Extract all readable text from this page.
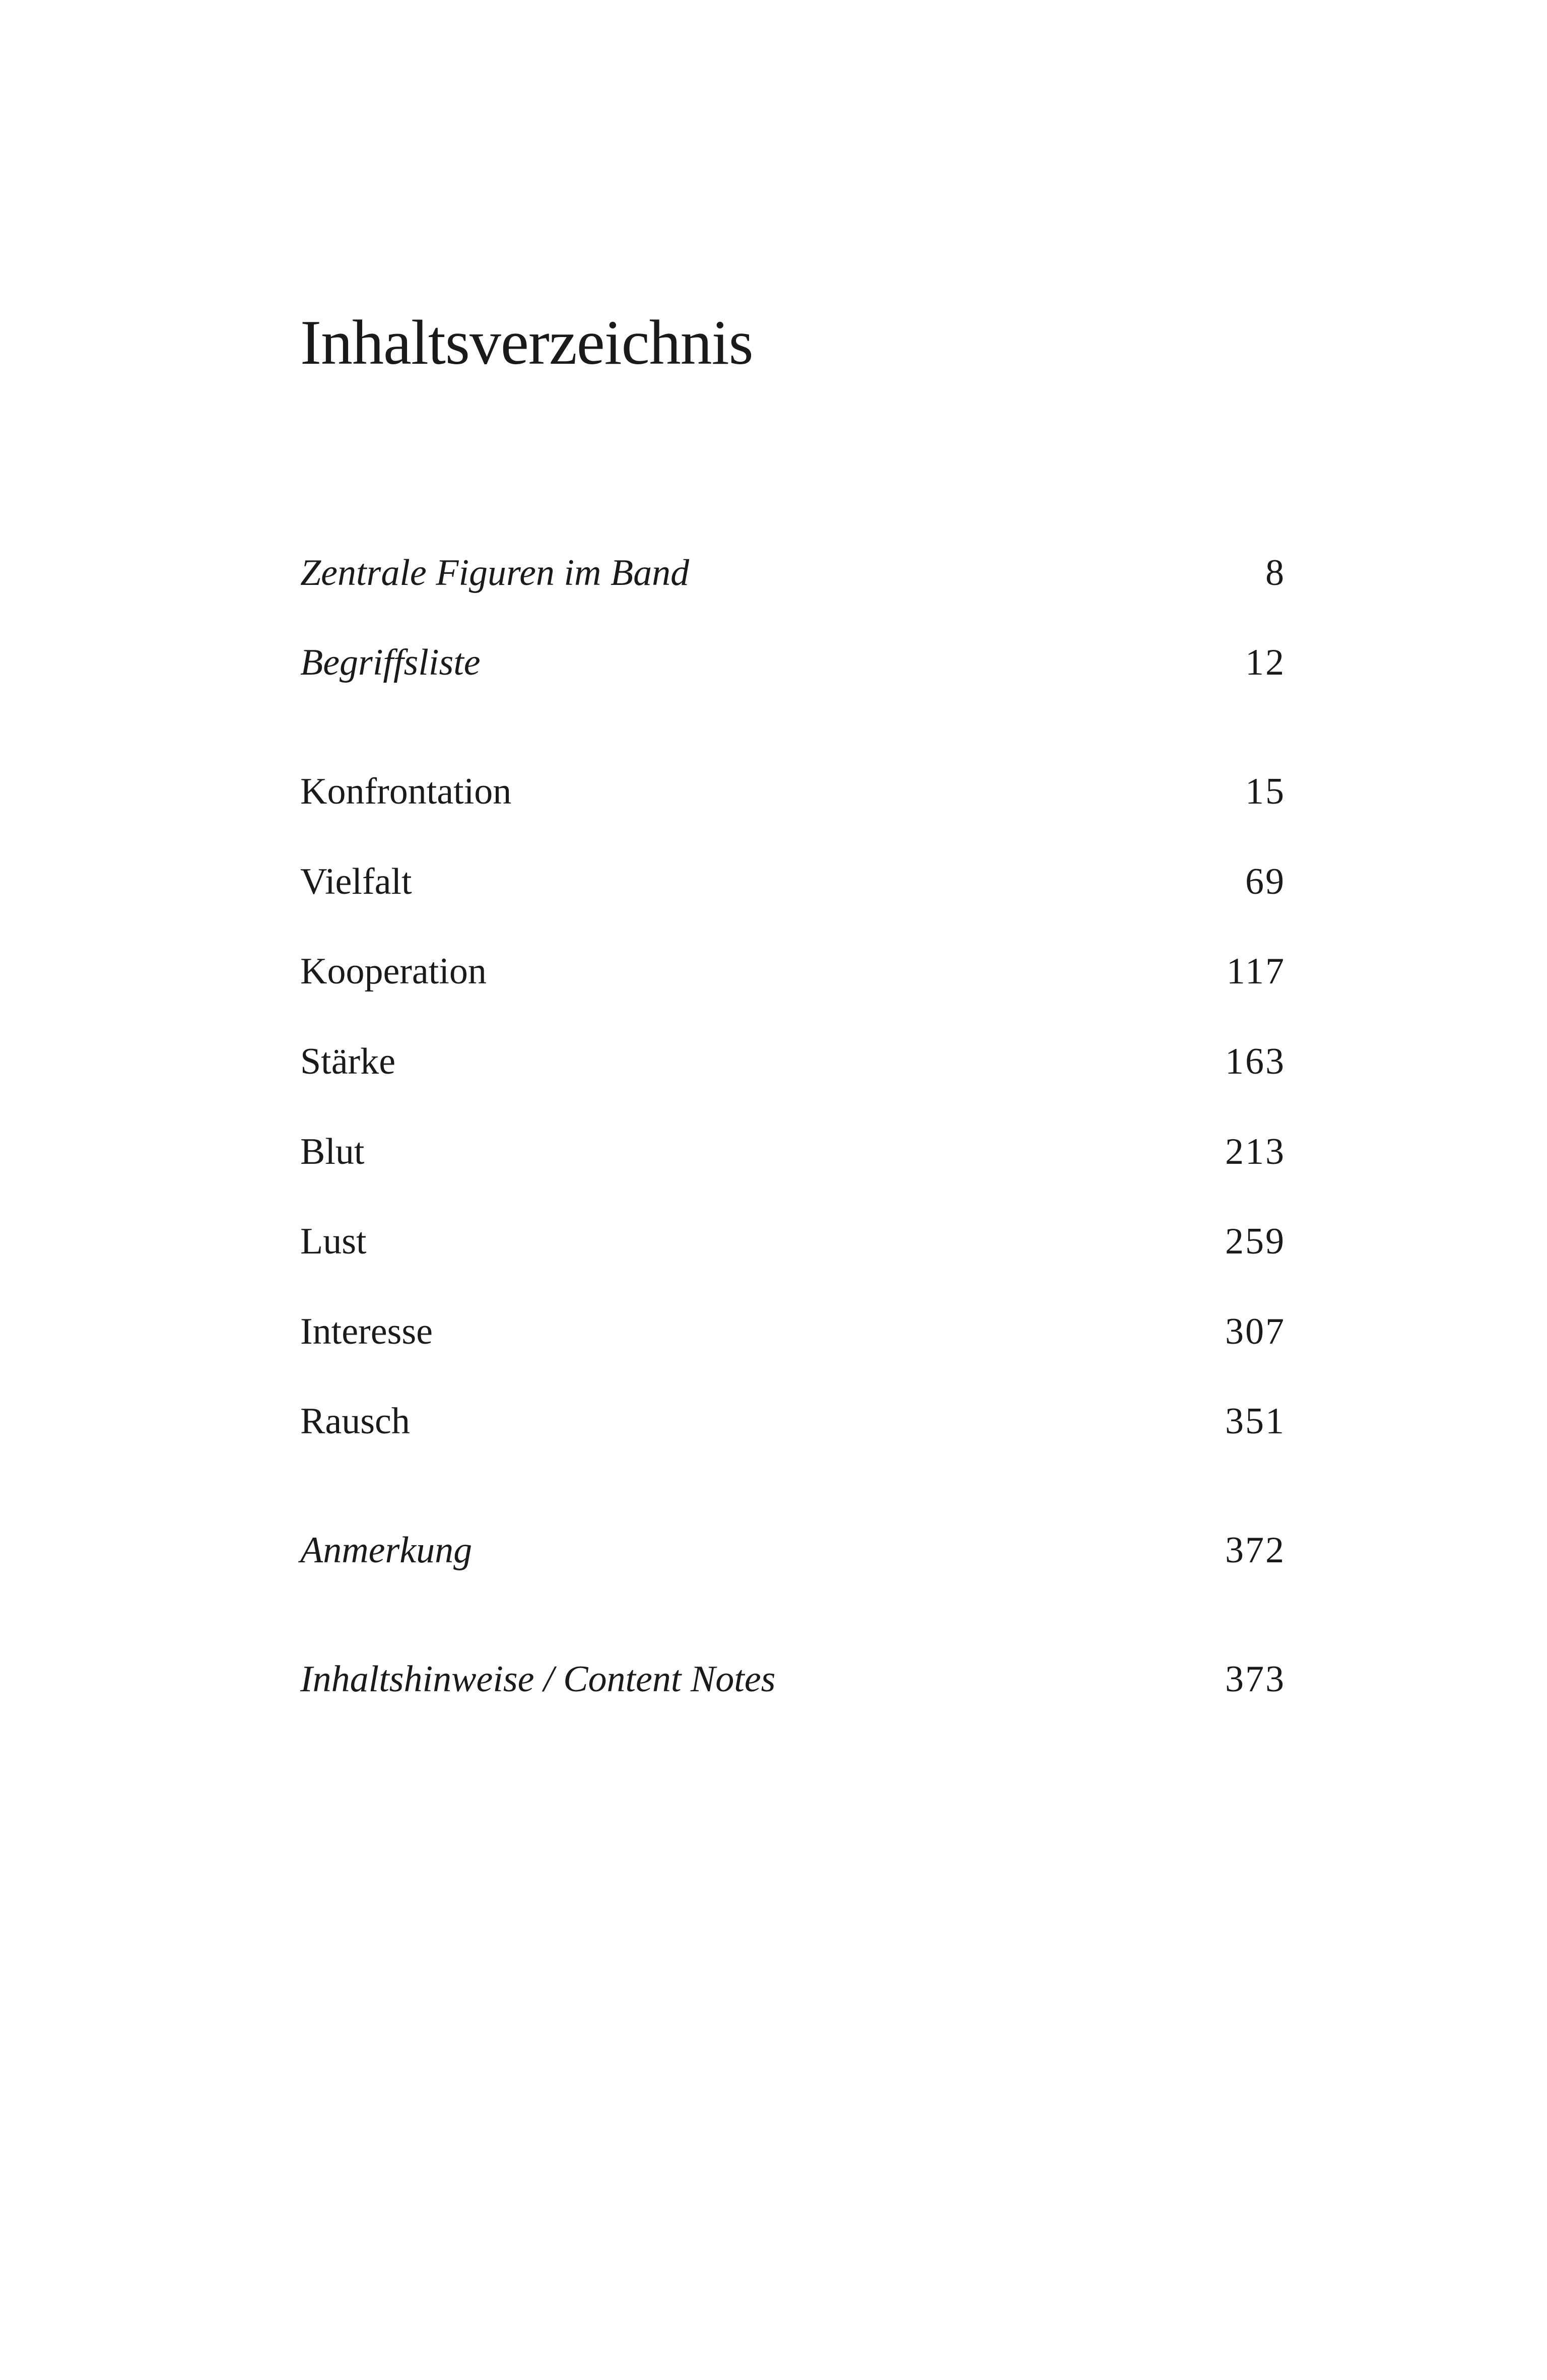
Inhaltsverzeichnis
Zentrale Figuren im Band	8
Begriffsliste	12
Konfrontation	15
Vielfalt	69
Kooperation	117
Stärke	163
Blut	213
Lust	259
Interesse	307
Rausch	351
Anmerkung	372
Inhaltshinweise / Content Notes	373
